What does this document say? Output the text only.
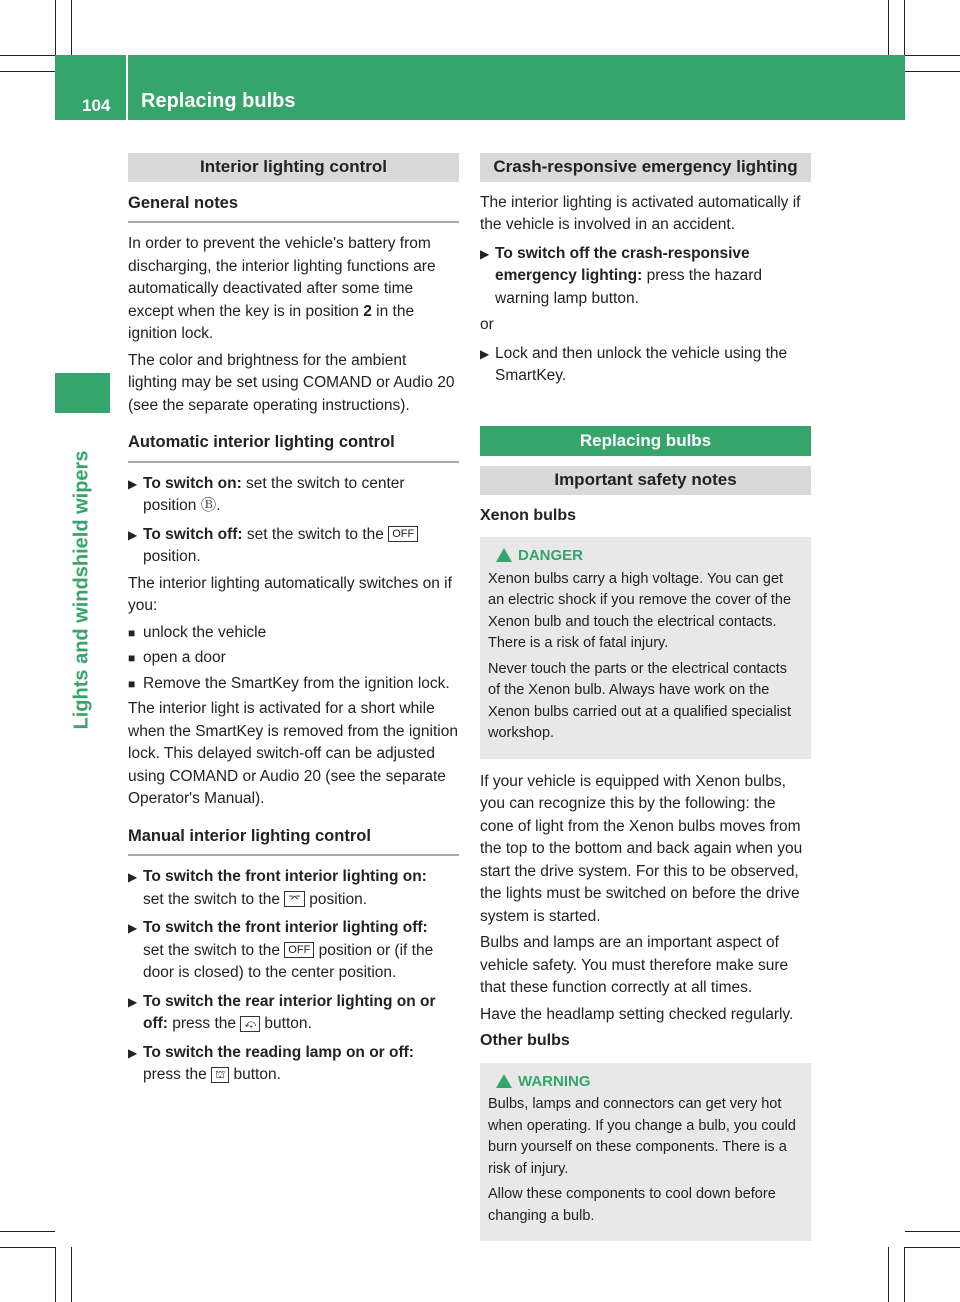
104 Replacing bulbs
Lights and windshield wipers
Interior lighting control
General notes

In order to prevent the vehicle's battery from discharging, the interior lighting functions are automatically deactivated after some time except when the key is in position 2 in the ignition lock.

The color and brightness for the ambient lighting may be set using COMAND or Audio 20 (see the separate operating instructions).

Automatic interior lighting control
▶ To switch on: set the switch to center position Ⓑ.
▶ To switch off: set the switch to the OFF position.

The interior lighting automatically switches on if you:

■ unlock the vehicle
■ open a door
■ Remove the SmartKey from the ignition lock.

The interior light is activated for a short while when the SmartKey is removed from the ignition lock. This delayed switch-off can be adjusted using COMAND or Audio 20 (see the separate Operator's Manual).

Manual interior lighting control
▶ To switch the front interior lighting on:
set the switch to the ⌤ position.
▶ To switch the front interior lighting off:
set the switch to the OFF position or (if the door is closed) to the center position.
▶ To switch the rear interior lighting on or off: press the ⤽ button.
▶ To switch the reading lamp on or off:
press the ⛫ button.
Crash-responsive emergency lighting

The interior lighting is activated automatically if the vehicle is involved in an accident.

▶ To switch off the crash-responsive emergency lighting: press the hazard warning lamp button.

or

▶ Lock and then unlock the vehicle using the SmartKey.
Replacing bulbs
Important safety notes
Xenon bulbs
DANGER

Xenon bulbs carry a high voltage. You can get an electric shock if you remove the cover of the Xenon bulb and touch the electrical contacts. There is a risk of fatal injury.

Never touch the parts or the electrical contacts of the Xenon bulb. Always have work on the Xenon bulbs carried out at a qualified specialist workshop.

If your vehicle is equipped with Xenon bulbs, you can recognize this by the following: the cone of light from the Xenon bulbs moves from the top to the bottom and back again when you start the drive system. For this to be observed, the lights must be switched on before the drive system is started.

Bulbs and lamps are an important aspect of vehicle safety. You must therefore make sure that these function correctly at all times.

Have the headlamp setting checked regularly.

Other bulbs
WARNING

Bulbs, lamps and connectors can get very hot when operating. If you change a bulb, you could burn yourself on these components. There is a risk of injury.

Allow these components to cool down before changing a bulb.
